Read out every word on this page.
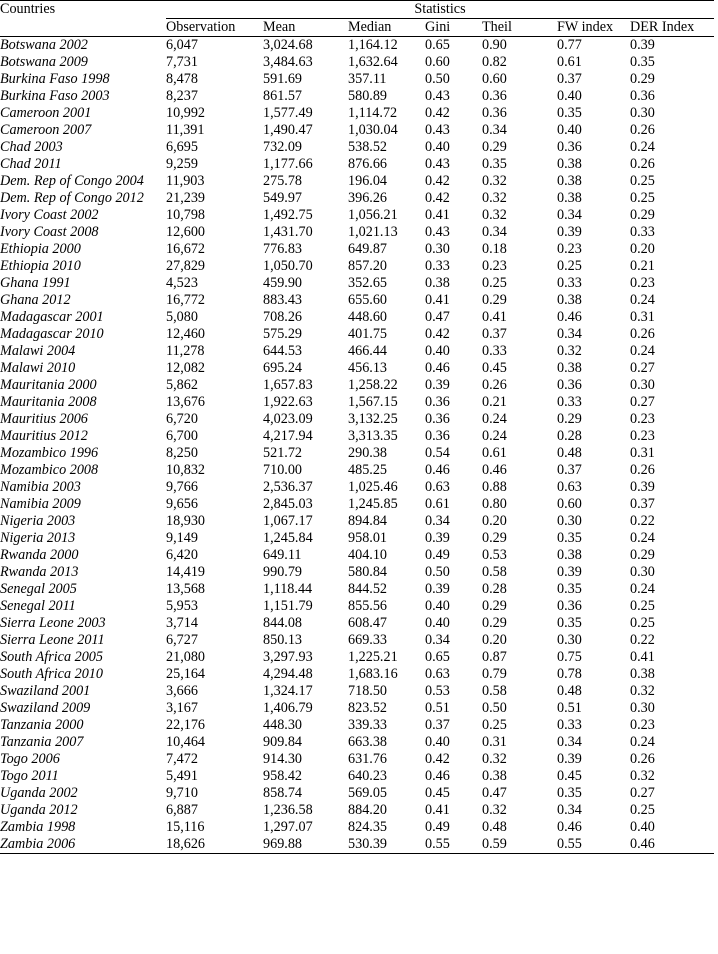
Countries	Statistics						
	Observation	Mean	Median	Gini	Theil	FW index	DER Index
Botswana 2002	6,047	3,024.68	1,164.12	0.65	0.90	0.77	0.39
Botswana 2009	7,731	3,484.63	1,632.64	0.60	0.82	0.61	0.35
Burkina Faso 1998	8,478	591.69	357.11	0.50	0.60	0.37	0.29
Burkina Faso 2003	8,237	861.57	580.89	0.43	0.36	0.40	0.36
Cameroon 2001	10,992	1,577.49	1,114.72	0.42	0.36	0.35	0.30
Cameroon 2007	11,391	1,490.47	1,030.04	0.43	0.34	0.40	0.26
Chad 2003	6,695	732.09	538.52	0.40	0.29	0.36	0.24
Chad 2011	9,259	1,177.66	876.66	0.43	0.35	0.38	0.26
Dem. Rep of Congo 2004	11,903	275.78	196.04	0.42	0.32	0.38	0.25
Dem. Rep of Congo 2012	21,239	549.97	396.26	0.42	0.32	0.38	0.25
Ivory Coast 2002	10,798	1,492.75	1,056.21	0.41	0.32	0.34	0.29
Ivory Coast 2008	12,600	1,431.70	1,021.13	0.43	0.34	0.39	0.33
Ethiopia 2000	16,672	776.83	649.87	0.30	0.18	0.23	0.20
Ethiopia 2010	27,829	1,050.70	857.20	0.33	0.23	0.25	0.21
Ghana 1991	4,523	459.90	352.65	0.38	0.25	0.33	0.23
Ghana 2012	16,772	883.43	655.60	0.41	0.29	0.38	0.24
Madagascar 2001	5,080	708.26	448.60	0.47	0.41	0.46	0.31
Madagascar 2010	12,460	575.29	401.75	0.42	0.37	0.34	0.26
Malawi 2004	11,278	644.53	466.44	0.40	0.33	0.32	0.24
Malawi 2010	12,082	695.24	456.13	0.46	0.45	0.38	0.27
Mauritania 2000	5,862	1,657.83	1,258.22	0.39	0.26	0.36	0.30
Mauritania 2008	13,676	1,922.63	1,567.15	0.36	0.21	0.33	0.27
Mauritius 2006	6,720	4,023.09	3,132.25	0.36	0.24	0.29	0.23
Mauritius 2012	6,700	4,217.94	3,313.35	0.36	0.24	0.28	0.23
Mozambico 1996	8,250	521.72	290.38	0.54	0.61	0.48	0.31
Mozambico 2008	10,832	710.00	485.25	0.46	0.46	0.37	0.26
Namibia 2003	9,766	2,536.37	1,025.46	0.63	0.88	0.63	0.39
Namibia 2009	9,656	2,845.03	1,245.85	0.61	0.80	0.60	0.37
Nigeria 2003	18,930	1,067.17	894.84	0.34	0.20	0.30	0.22
Nigeria 2013	9,149	1,245.84	958.01	0.39	0.29	0.35	0.24
Rwanda 2000	6,420	649.11	404.10	0.49	0.53	0.38	0.29
Rwanda 2013	14,419	990.79	580.84	0.50	0.58	0.39	0.30
Senegal 2005	13,568	1,118.44	844.52	0.39	0.28	0.35	0.24
Senegal 2011	5,953	1,151.79	855.56	0.40	0.29	0.36	0.25
Sierra Leone 2003	3,714	844.08	608.47	0.40	0.29	0.35	0.25
Sierra Leone 2011	6,727	850.13	669.33	0.34	0.20	0.30	0.22
South Africa 2005	21,080	3,297.93	1,225.21	0.65	0.87	0.75	0.41
South Africa 2010	25,164	4,294.48	1,683.16	0.63	0.79	0.78	0.38
Swaziland 2001	3,666	1,324.17	718.50	0.53	0.58	0.48	0.32
Swaziland 2009	3,167	1,406.79	823.52	0.51	0.50	0.51	0.30
Tanzania 2000	22,176	448.30	339.33	0.37	0.25	0.33	0.23
Tanzania 2007	10,464	909.84	663.38	0.40	0.31	0.34	0.24
Togo 2006	7,472	914.30	631.76	0.42	0.32	0.39	0.26
Togo 2011	5,491	958.42	640.23	0.46	0.38	0.45	0.32
Uganda 2002	9,710	858.74	569.05	0.45	0.47	0.35	0.27
Uganda 2012	6,887	1,236.58	884.20	0.41	0.32	0.34	0.25
Zambia 1998	15,116	1,297.07	824.35	0.49	0.48	0.46	0.40
Zambia 2006	18,626	969.88	530.39	0.55	0.59	0.55	0.46
